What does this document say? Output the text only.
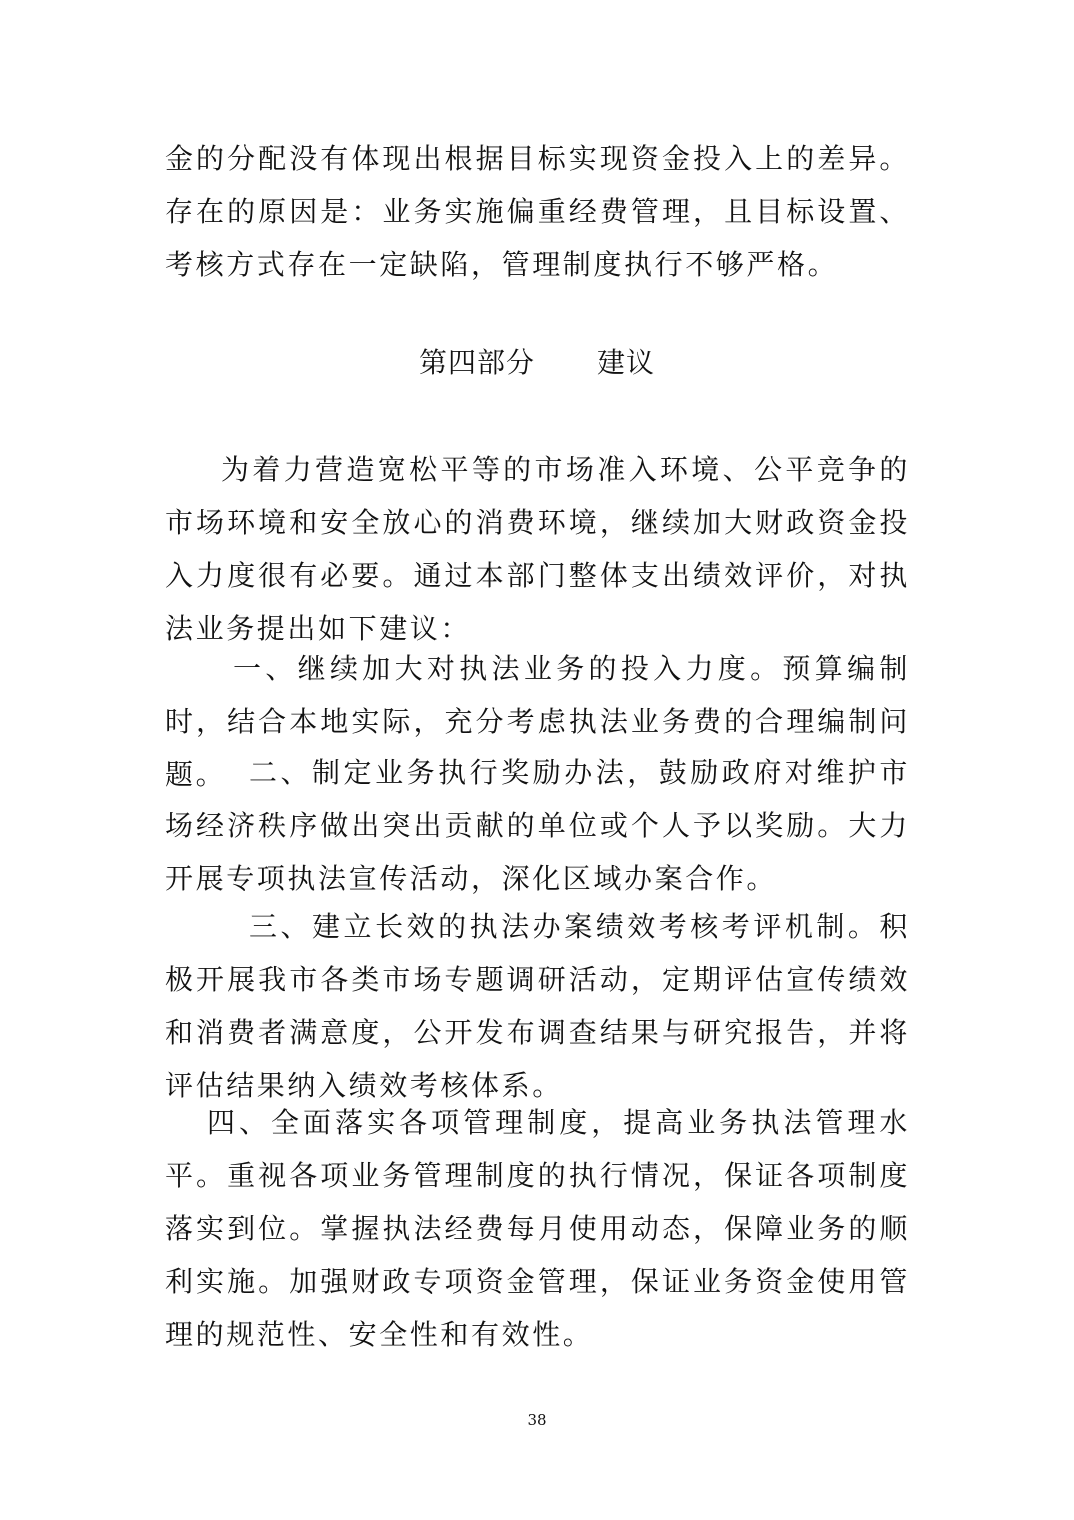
金的分配没有体现出根据目标实现资金投入上的差异。存在的原因是：业务实施偏重经费管理，且目标设置、考核方式存在一定缺陷，管理制度执行不够严格。

第四部分 建议

为着力营造宽松平等的市场准入环境、公平竞争的市场环境和安全放心的消费环境，继续加大财政资金投入力度很有必要。通过本部门整体支出绩效评价，对执法业务提出如下建议：

一、继续加大对执法业务的投入力度。预算编制时，结合本地实际，充分考虑执法业务费的合理编制问题。 二、制定业务执行奖励办法，鼓励政府对维护市场经济秩序做出突出贡献的单位或个人予以奖励。大力开展专项执法宣传活动，深化区域办案合作。

三、建立长效的执法办案绩效考核考评机制。积极开展我市各类市场专题调研活动，定期评估宣传绩效和消费者满意度，公开发布调查结果与研究报告，并将评估结果纳入绩效考核体系。

四、全面落实各项管理制度，提高业务执法管理水平。重视各项业务管理制度的执行情况，保证各项制度落实到位。掌握执法经费每月使用动态，保障业务的顺利实施。加强财政专项资金管理，保证业务资金使用管理的规范性、安全性和有效性。

38
